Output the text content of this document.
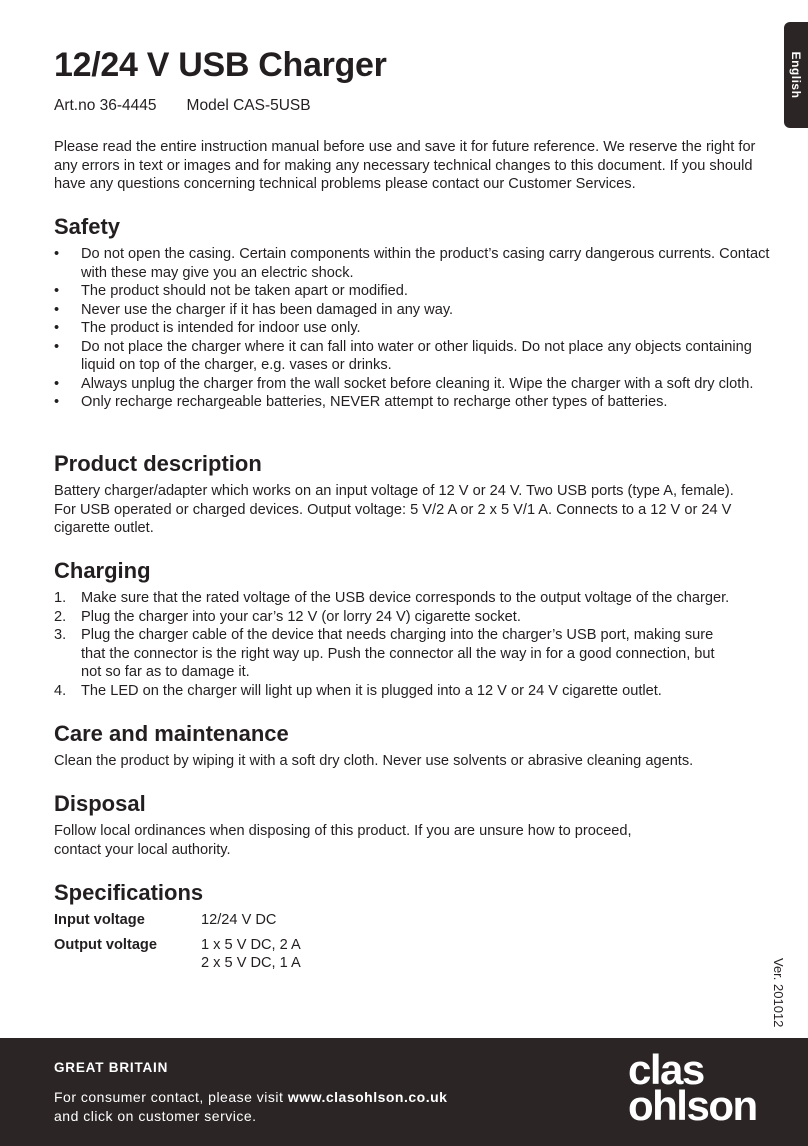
English
Ver. 201012
12/24 V USB Charger
Art.no 36-4445 Model CAS-5USB

Please read the entire instruction manual before use and save it for future reference. We reserve the right for any errors in text or images and for making any necessary technical changes to this document. If you should have any questions concerning technical problems please contact our Customer Services.

Safety
• Do not open the casing. Certain components within the product’s casing carry dangerous currents. Contact with these may give you an electric shock.
• The product should not be taken apart or modified.
• Never use the charger if it has been damaged in any way.
• The product is intended for indoor use only.
• Do not place the charger where it can fall into water or other liquids. Do not place any objects containing liquid on top of the charger, e.g. vases or drinks.
• Always unplug the charger from the wall socket before cleaning it. Wipe the charger with a soft dry cloth.
• Only recharge rechargeable batteries, NEVER attempt to recharge other types of batteries.
Product description

Battery charger/adapter which works on an input voltage of 12 V or 24 V. Two USB ports (type A, female). For USB operated or charged devices. Output voltage: 5 V/2 A or 2 x 5 V/1 A. Connects to a 12 V or 24 V cigarette outlet.

Charging
1. Make sure that the rated voltage of the USB device corresponds to the output voltage of the charger.
2. Plug the charger into your car’s 12 V (or lorry 24 V) cigarette socket.
3. Plug the charger cable of the device that needs charging into the charger’s USB port, making sure that the connector is the right way up. Push the connector all the way in for a good connection, but not so far as to damage it.
4. The LED on the charger will light up when it is plugged into a 12 V or 24 V cigarette outlet.
Care and maintenance

Clean the product by wiping it with a soft dry cloth. Never use solvents or abrasive cleaning agents.

Disposal

Follow local ordinances when disposing of this product. If you are unsure how to proceed, contact your local authority.

Specifications
Input voltage	12/24 V DC
Output voltage	1 x 5 V DC, 2 A
2 x 5 V DC, 1 A
GREAT BRITAIN
For consumer contact, please visit www.clasohlson.co.uk
and click on customer service.
clas
ohlson
